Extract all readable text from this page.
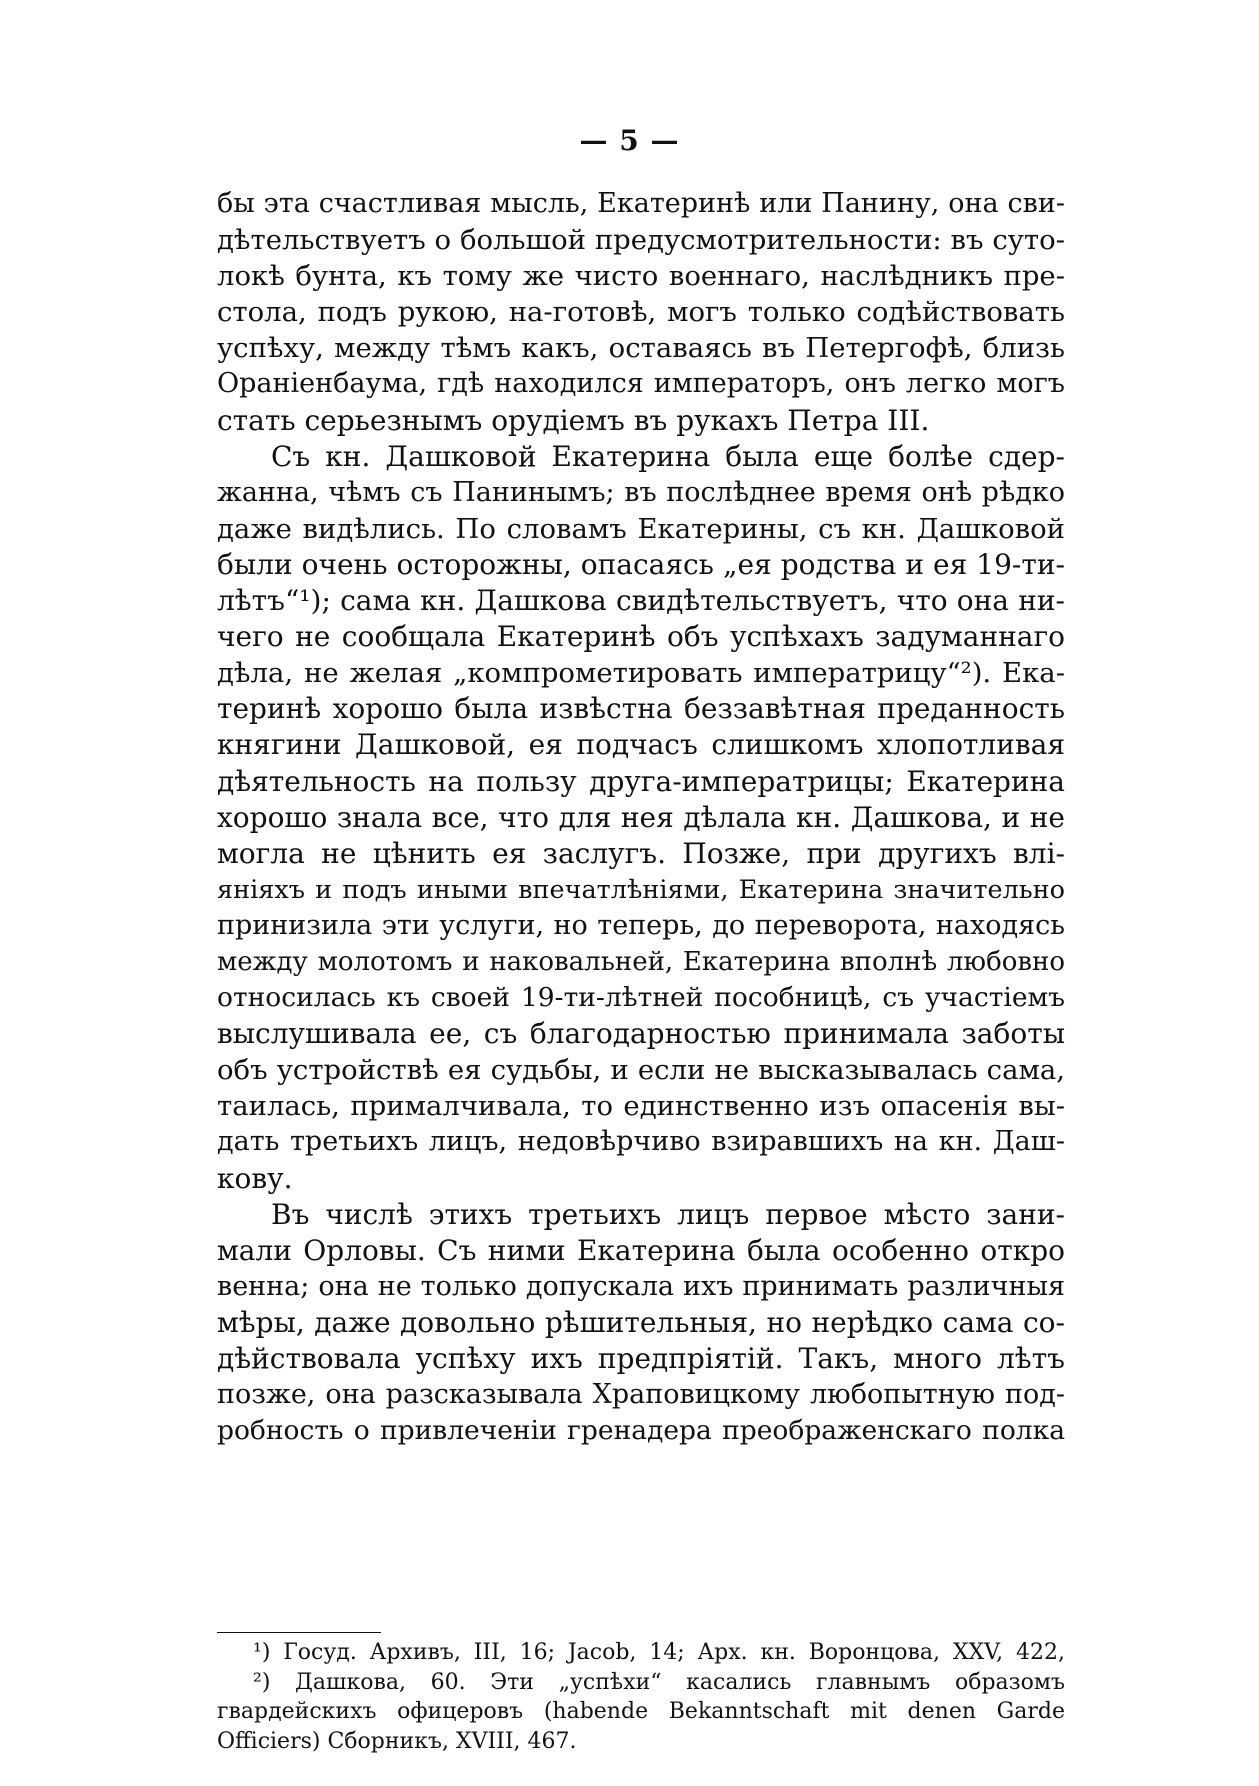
— 5 —
бы эта счастливая мысль, Екатеринѣ или Панину, она сви-
дѣтельствуетъ о большой предусмотрительности: въ суто-
локѣ бунта, къ тому же чисто военнаго, наслѣдникъ пре-
стола, подъ рукою, на-готовѣ, могъ только содѣйствовать
успѣху, между тѣмъ какъ, оставаясь въ Петергофѣ, близь
Ораніенбаума, гдѣ находился императоръ, онъ легко могъ
стать серьезнымъ орудіемъ въ рукахъ Петра III.
Съ кн. Дашковой Екатерина была еще болѣе сдер-
жанна, чѣмъ съ Панинымъ; въ послѣднее время онѣ рѣдко
даже видѣлись. По словамъ Екатерины, съ кн. Дашковой
были очень осторожны, опасаясь „ея родства и ея 19-ти-
лѣтъ“¹); сама кн. Дашкова свидѣтельствуетъ, что она ни-
чего не сообщала Екатеринѣ объ успѣхахъ задуманнаго
дѣла, не желая „компрометировать императрицу“²). Ека-
теринѣ хорошо была извѣстна беззавѣтная преданность
княгини Дашковой, ея подчасъ слишкомъ хлопотливая
дѣятельность на пользу друга-императрицы; Екатерина
хорошо знала все, что для нея дѣлала кн. Дашкова, и не
могла не цѣнить ея заслугъ. Позже, при другихъ влі-
яніяхъ и подъ иными впечатлѣніями, Екатерина значительно
принизила эти услуги, но теперь, до переворота, находясь
между молотомъ и наковальней, Екатерина вполнѣ любовно
относилась къ своей 19-ти-лѣтней пособницѣ, съ участіемъ
выслушивала ее, съ благодарностью принимала заботы
объ устройствѣ ея судьбы, и если не высказывалась сама,
таилась, прималчивала, то единственно изъ опасенія вы-
дать третьихъ лицъ, недовѣрчиво взиравшихъ на кн. Даш-
кову.
Въ числѣ этихъ третьихъ лицъ первое мѣсто зани-
мали Орловы. Съ ними Екатерина была особенно откро
венна; она не только допускала ихъ принимать различныя
мѣры, даже довольно рѣшительныя, но нерѣдко сама со-
дѣйствовала успѣху ихъ предпріятій. Такъ, много лѣтъ
позже, она разсказывала Храповицкому любопытную под-
робность о привлеченіи гренадера преображенскаго полка
¹) Госуд. Архивъ, III, 16; Jacob, 14; Арх. кн. Воронцова, XXV, 422,
²) Дашкова, 60. Эти „успѣхи“ касались главнымъ образомъ
гвардейскихъ офицеровъ (habende Bekanntschaft mit denen Garde
Officiers) Сборникъ, XVIII, 467.
